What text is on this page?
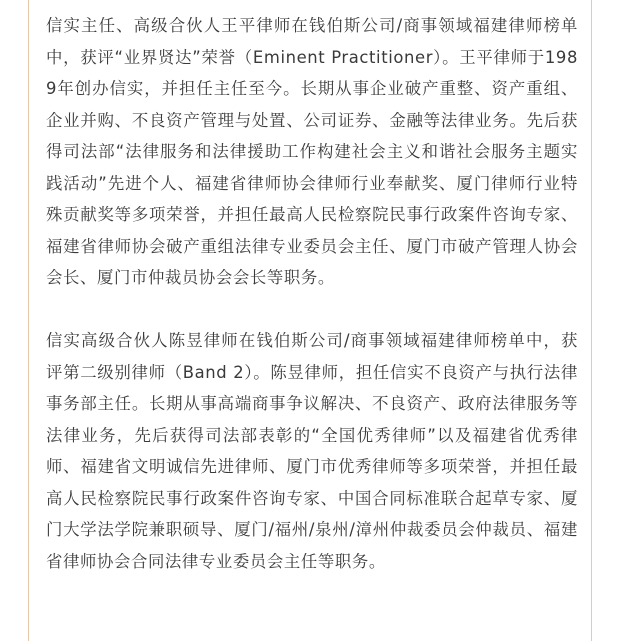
信实主任、高级合伙人王平律师在钱伯斯公司/商事领域福建律师榜单中，获评“业界贤达”荣誉（Eminent Practitioner）。王平律师于1989年创办信实，并担任主任至今。长期从事企业破产重整、资产重组、企业并购、不良资产管理与处置、公司证券、金融等法律业务。先后获得司法部“法律服务和法律援助工作构建社会主义和谐社会服务主题实践活动”先进个人、福建省律师协会律师行业奉献奖、厦门律师行业特殊贡献奖等多项荣誉，并担任最高人民检察院民事行政案件咨询专家、福建省律师协会破产重组法律专业委员会主任、厦门市破产管理人协会会长、厦门市仲裁员协会会长等职务。

信实高级合伙人陈昱律师在钱伯斯公司/商事领域福建律师榜单中，获评第二级别律师（Band 2）。陈昱律师，担任信实不良资产与执行法律事务部主任。长期从事高端商事争议解决、不良资产、政府法律服务等法律业务，先后获得司法部表彰的“全国优秀律师”以及福建省优秀律师、福建省文明诚信先进律师、厦门市优秀律师等多项荣誉，并担任最高人民检察院民事行政案件咨询专家、中国合同标准联合起草专家、厦门大学法学院兼职硕导、厦门/福州/泉州/漳州仲裁委员会仲裁员、福建省律师协会合同法律专业委员会主任等职务。
